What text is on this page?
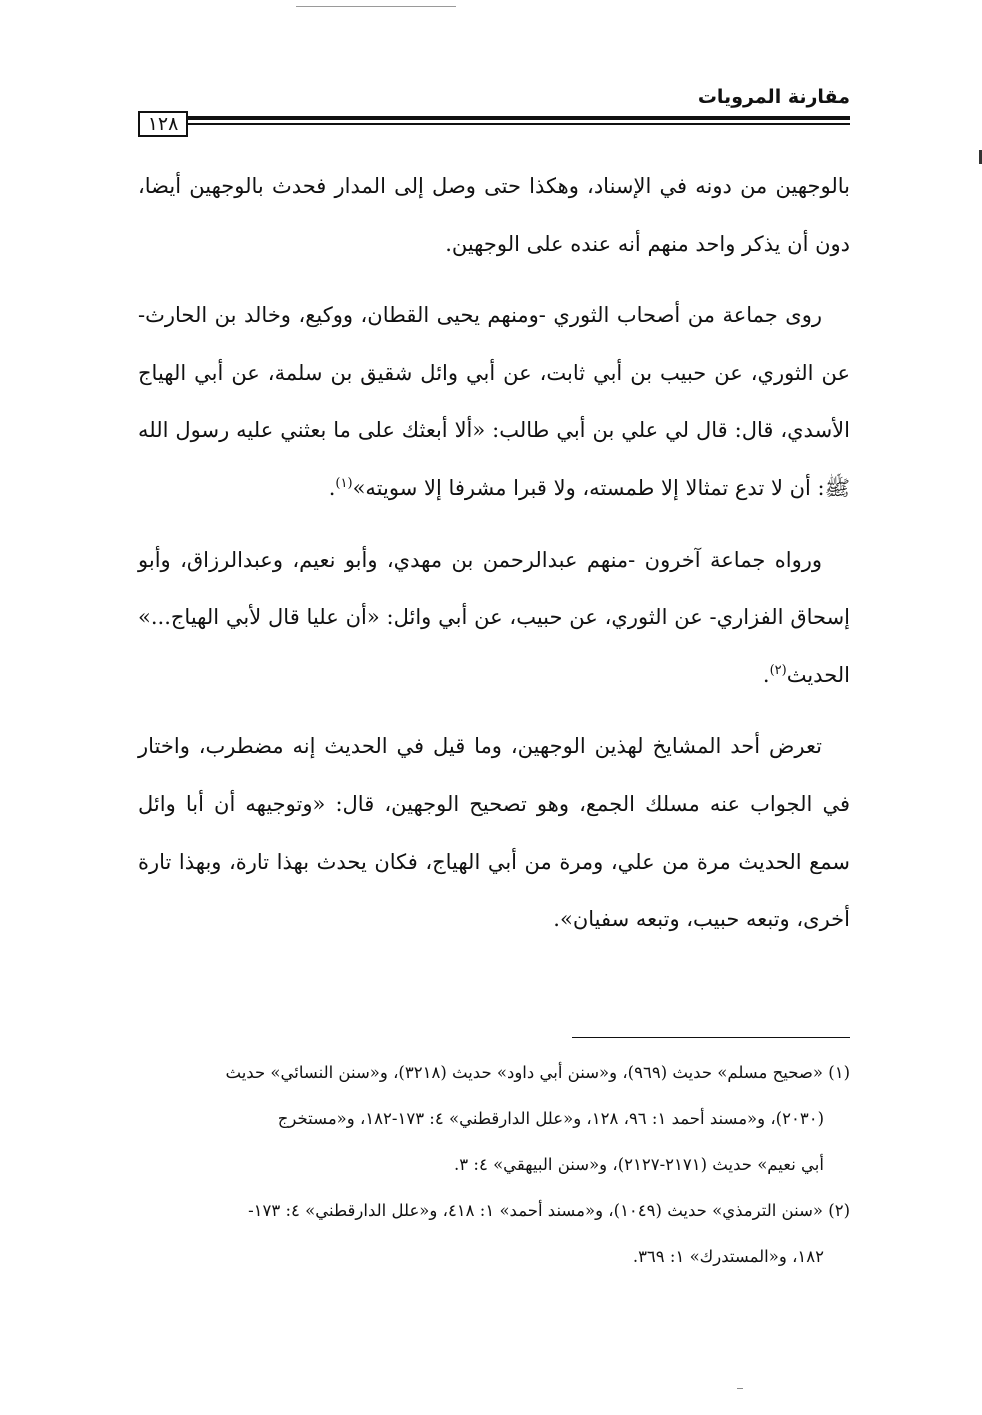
مقارنة المرويات
١٢٨

بالوجهين من دونه في الإسناد، وهكذا حتى وصل إلى المدار فحدث بالوجهين أيضا، دون أن يذكر واحد منهم أنه عنده على الوجهين.

روى جماعة من أصحاب الثوري -ومنهم يحيى القطان، ووكيع، وخالد بن الحارث- عن الثوري، عن حبيب بن أبي ثابت، عن أبي وائل شقيق بن سلمة، عن أبي الهياج الأسدي، قال: قال لي علي بن أبي طالب: «ألا أبعثك على ما بعثني عليه رسول الله ﷺ: أن لا تدع تمثالا إلا طمسته، ولا قبرا مشرفا إلا سويته»$^{(١)}$.

ورواه جماعة آخرون -منهم عبدالرحمن بن مهدي، وأبو نعيم، وعبدالرزاق، وأبو إسحاق الفزاري- عن الثوري، عن حبيب، عن أبي وائل: «أن عليا قال لأبي الهياج...» الحديث$^{(٢)}$.

تعرض أحد المشايخ لهذين الوجهين، وما قيل في الحديث إنه مضطرب، واختار في الجواب عنه مسلك الجمع، وهو تصحيح الوجهين، قال: «وتوجيهه أن أبا وائل سمع الحديث مرة من علي، ومرة من أبي الهياج، فكان يحدث بهذا تارة، وبهذا تارة أخرى، وتبعه حبيب، وتبعه سفيان».

(١) «صحيح مسلم» حديث (٩٦٩)، و«سنن أبي داود» حديث (٣٢١٨)، و«سنن النسائي» حديث
(٢٠٣٠)، و«مسند أحمد ١: ٩٦، ١٢٨، و«علل الدارقطني» ٤: ١٧٣-١٨٢، و«مستخرج
أبي نعيم» حديث (٢١٧١-٢١٢٧)، و«سنن البيهقي» ٤: ٣.
(٢) «سنن الترمذي» حديث (١٠٤٩)، و«مسند أحمد» ١: ٤١٨، و«علل الدارقطني» ٤: ١٧٣-
١٨٢، و«المستدرك» ١: ٣٦٩.
